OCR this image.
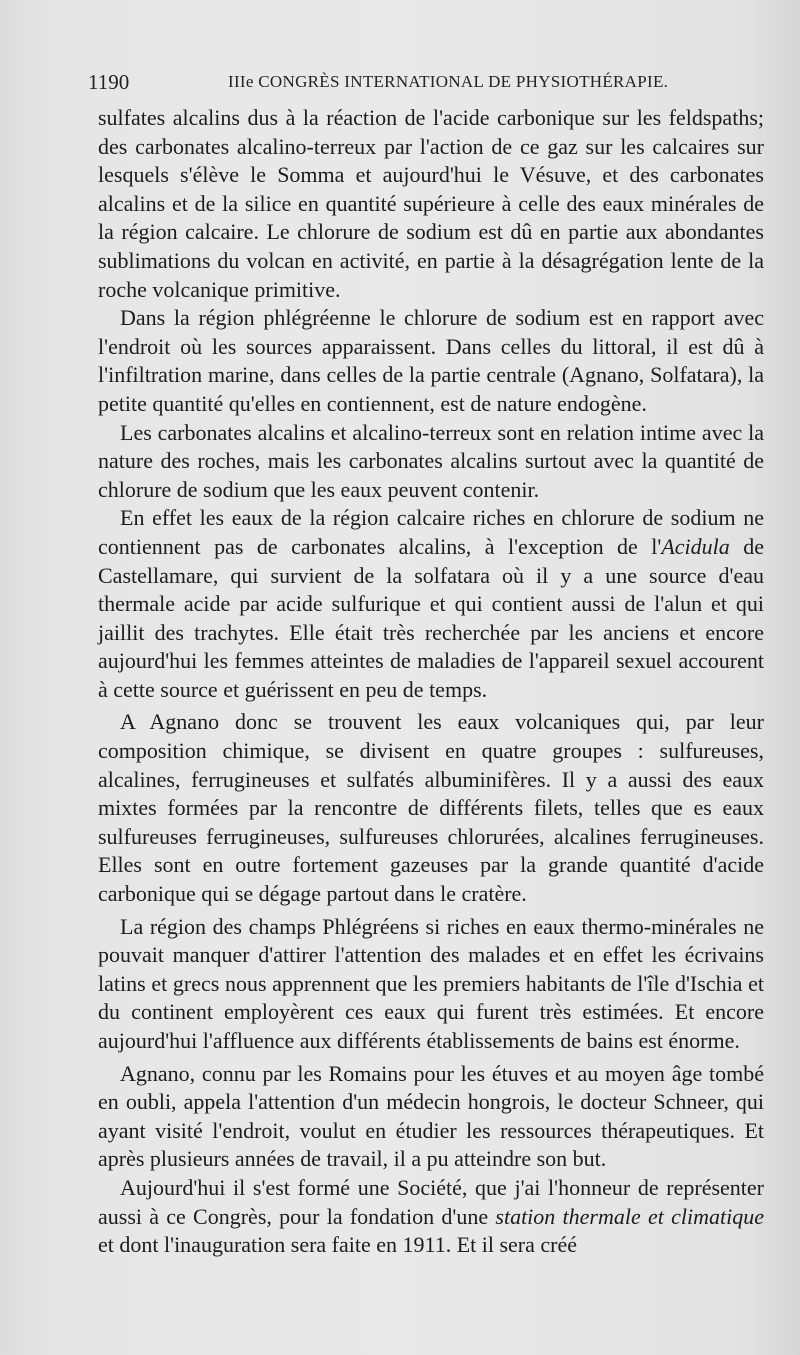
1190	IIIe CONGRÈS INTERNATIONAL DE PHYSIOTHÉRAPIE.

sulfates alcalins dus à la réaction de l'acide carbonique sur les feldspaths; des carbonates alcalino-terreux par l'action de ce gaz sur les calcaires sur lesquels s'élève le Somma et aujourd'hui le Vésuve, et des carbonates alcalins et de la silice en quantité supérieure à celle des eaux minérales de la région calcaire. Le chlorure de sodium est dû en partie aux abondantes sublimations du volcan en activité, en partie à la désagrégation lente de la roche volcanique primitive.

Dans la région phlégréenne le chlorure de sodium est en rapport avec l'endroit où les sources apparaissent. Dans celles du littoral, il est dû à l'infiltration marine, dans celles de la partie centrale (Agnano, Solfatara), la petite quantité qu'elles en contiennent, est de nature endogène.

Les carbonates alcalins et alcalino-terreux sont en relation intime avec la nature des roches, mais les carbonates alcalins surtout avec la quantité de chlorure de sodium que les eaux peuvent contenir.

En effet les eaux de la région calcaire riches en chlorure de sodium ne contiennent pas de carbonates alcalins, à l'exception de l'Acidula de Castellamare, qui survient de la solfatara où il y a une source d'eau thermale acide par acide sulfurique et qui contient aussi de l'alun et qui jaillit des trachytes. Elle était très recherchée par les anciens et encore aujourd'hui les femmes atteintes de maladies de l'appareil sexuel accourent à cette source et guérissent en peu de temps.

A Agnano donc se trouvent les eaux volcaniques qui, par leur composition chimique, se divisent en quatre groupes : sulfureuses, alcalines, ferrugineuses et sulfatés albuminifères. Il y a aussi des eaux mixtes formées par la rencontre de différents filets, telles que es eaux sulfureuses ferrugineuses, sulfureuses chlorurées, alcalines ferrugineuses. Elles sont en outre fortement gazeuses par la grande quantité d'acide carbonique qui se dégage partout dans le cratère.

La région des champs Phlégréens si riches en eaux thermo-minérales ne pouvait manquer d'attirer l'attention des malades et en effet les écrivains latins et grecs nous apprennent que les premiers habitants de l'île d'Ischia et du continent employèrent ces eaux qui furent très estimées. Et encore aujourd'hui l'affluence aux différents établissements de bains est énorme.

Agnano, connu par les Romains pour les étuves et au moyen âge tombé en oubli, appela l'attention d'un médecin hongrois, le docteur Schneer, qui ayant visité l'endroit, voulut en étudier les ressources thérapeutiques. Et après plusieurs années de travail, il a pu atteindre son but.

Aujourd'hui il s'est formé une Société, que j'ai l'honneur de représenter aussi à ce Congrès, pour la fondation d'une station thermale et climatique et dont l'inauguration sera faite en 1911. Et il sera créé
